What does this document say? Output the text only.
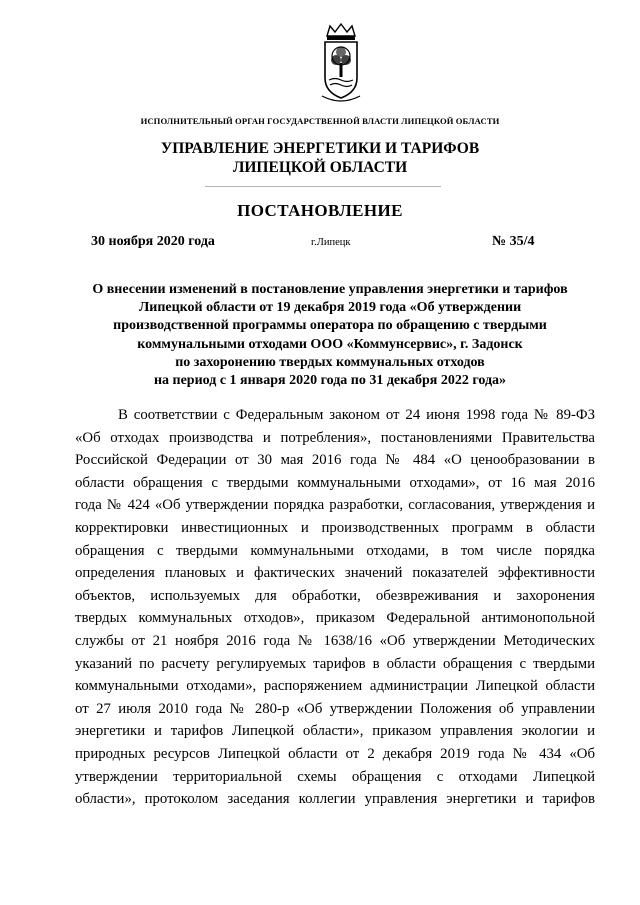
ИСПОЛНИТЕЛЬНЫЙ ОРГАН ГОСУДАРСТВЕННОЙ ВЛАСТИ ЛИПЕЦКОЙ ОБЛАСТИ
УПРАВЛЕНИЕ ЭНЕРГЕТИКИ И ТАРИФОВ
ЛИПЕЦКОЙ ОБЛАСТИ
ПОСТАНОВЛЕНИЕ
30 ноября 2020 года	г.Липецк	№ 35/4
О внесении изменений в постановление управления энергетики и тарифов
Липецкой области от 19 декабря 2019 года «Об утверждении
производственной программы оператора по обращению с твердыми
коммунальными отходами ООО «Коммунсервис», г. Задонск
по захоронению твердых коммунальных отходов
на период с 1 января 2020 года по 31 декабря 2022 года»
В соответствии с Федеральным законом от 24 июня 1998 года № 89-ФЗ
«Об отходах производства и потребления», постановлениями Правительства
Российской Федерации от 30 мая 2016 года № 484 «О ценообразовании в
области обращения с твердыми коммунальными отходами», от 16 мая 2016
года № 424 «Об утверждении порядка разработки, согласования, утверждения и
корректировки инвестиционных и производственных программ в области
обращения с твердыми коммунальными отходами, в том числе порядка
определения плановых и фактических значений показателей эффективности
объектов, используемых для обработки, обезвреживания и захоронения
твердых коммунальных отходов», приказом Федеральной антимонопольной
службы от 21 ноября 2016 года № 1638/16 «Об утверждении Методических
указаний по расчету регулируемых тарифов в области обращения с твердыми
коммунальными отходами», распоряжением администрации Липецкой области
от 27 июля 2010 года № 280-р «Об утверждении Положения об управлении
энергетики и тарифов Липецкой области», приказом управления экологии и
природных ресурсов Липецкой области от 2 декабря 2019 года № 434 «Об
утверждении территориальной схемы обращения с отходами Липецкой
области», протоколом заседания коллегии управления энергетики и тарифов
